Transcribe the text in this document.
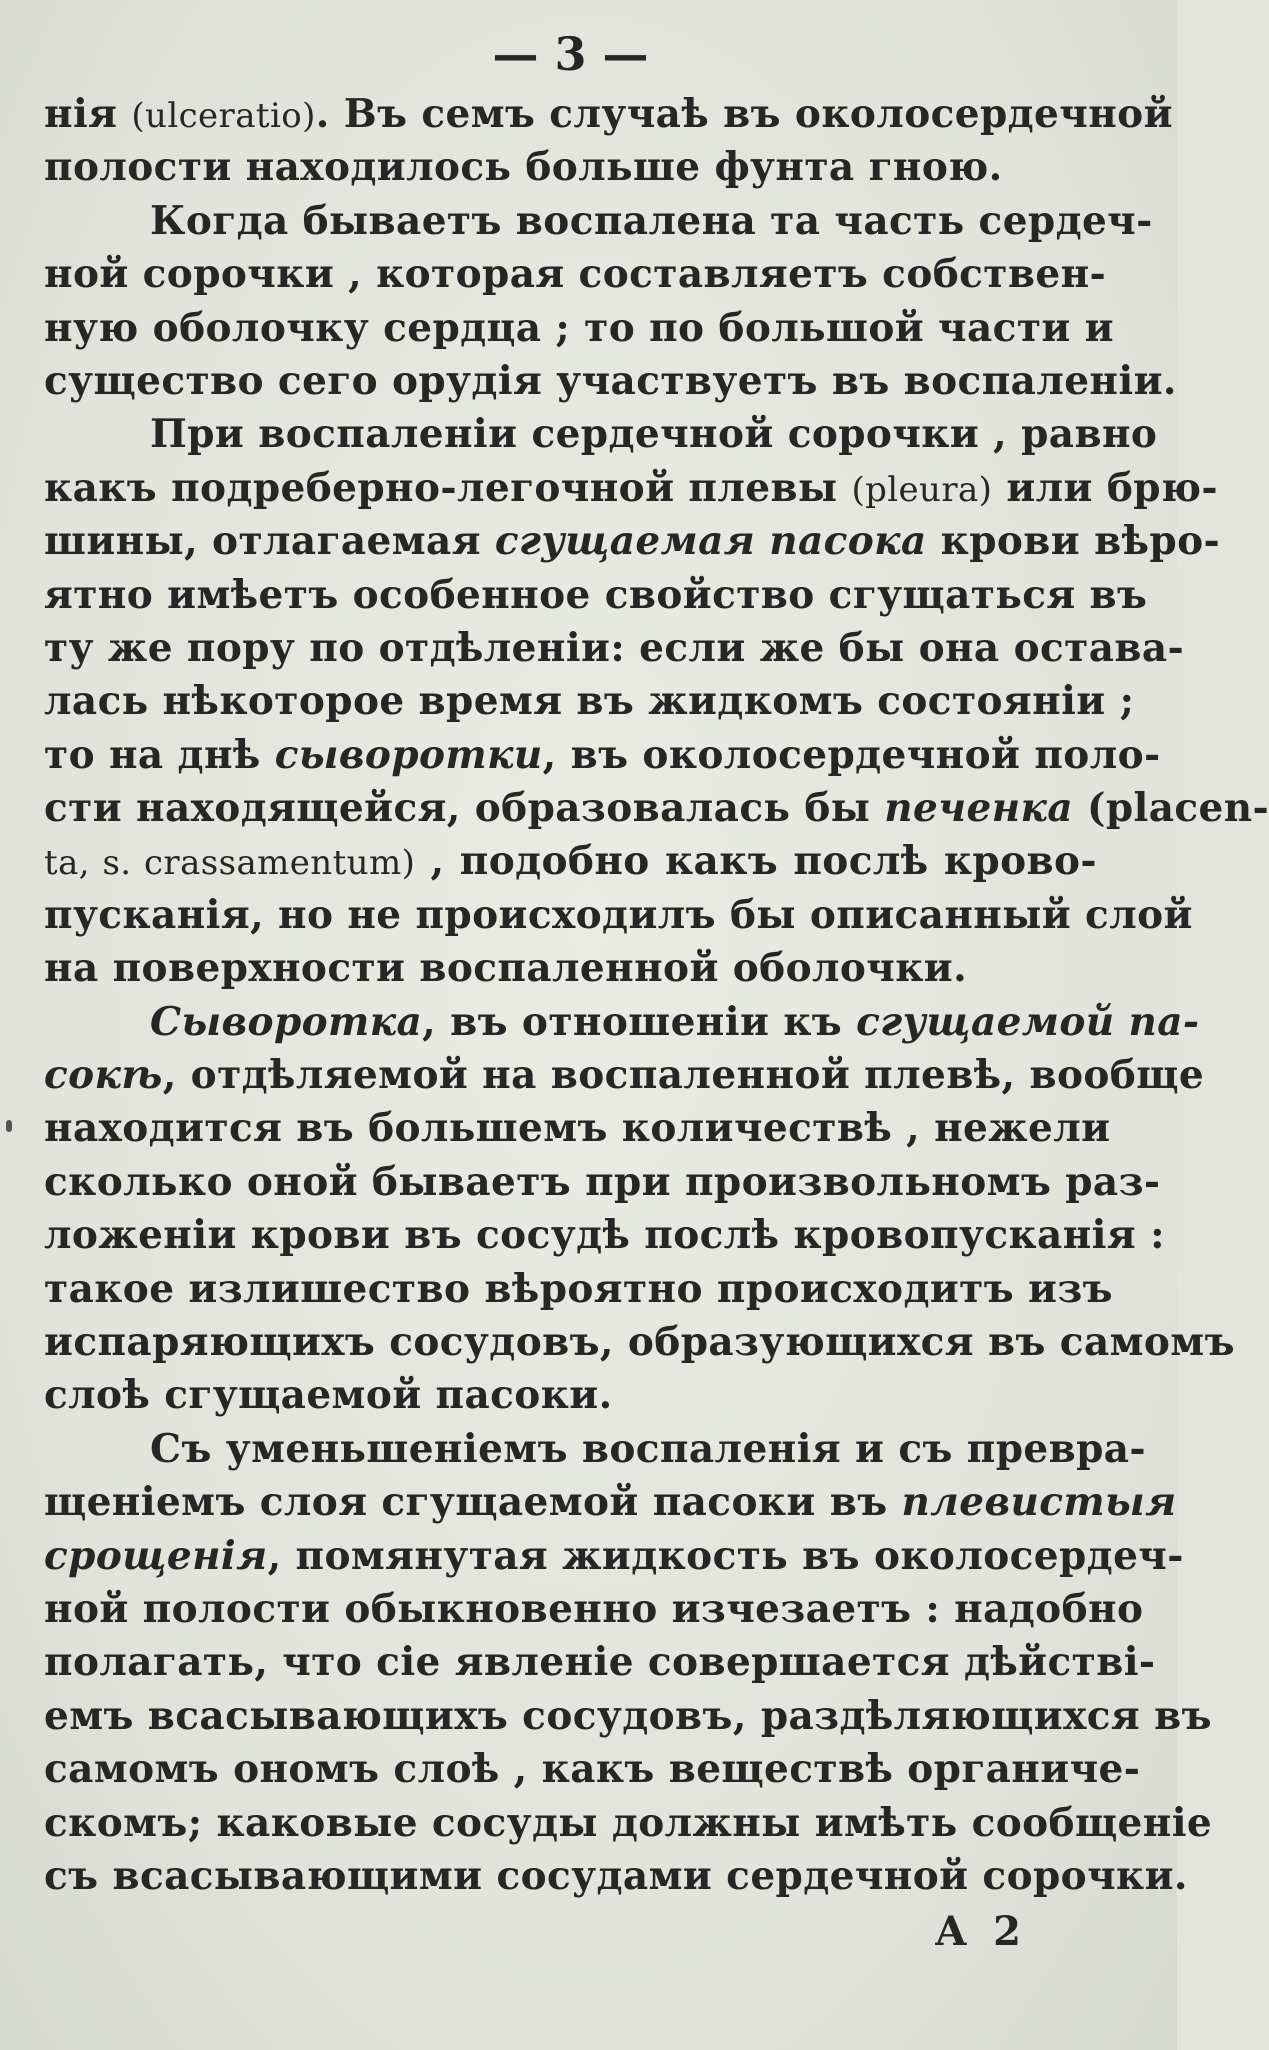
— 3 —
нія (ulceratio). Въ семъ случаѣ въ околосердечной
полости находилось больше фунта гною.
Когда бываетъ воспалена та часть сердеч-
ной сорочки , которая составляетъ собствен-
ную оболочку сердца ; то по большой части и
существо сего орудія участвуетъ въ воспаленіи.
При воспаленіи сердечной сорочки , равно
какъ подреберно-легочной плевы (pleura) или брю-
шины, отлагаемая сгущаемая пасока крови вѣро-
ятно имѣетъ особенное свойство сгущаться въ
ту же пору по отдѣленіи: если же бы она остава-
лась нѣкоторое время въ жидкомъ состояніи ;
то на днѣ сыворотки, въ околосердечной поло-
сти находящейся, образовалась бы печенка (placen-
ta, s. crassamentum) , подобно какъ послѣ крово-
пусканія, но не происходилъ бы описанный слой
на поверхности воспаленной оболочки.
Сыворотка, въ отношеніи къ сгущаемой па-
сокѣ, отдѣляемой на воспаленной плевѣ, вообще
находится въ большемъ количествѣ , нежели
сколько оной бываетъ при произвольномъ раз-
ложеніи крови въ сосудѣ послѣ кровопусканія :
такое излишество вѣроятно происходитъ изъ
испаряющихъ сосудовъ, образующихся въ самомъ
слоѣ сгущаемой пасоки.
Съ уменьшеніемъ воспаленія и съ превра-
щеніемъ слоя сгущаемой пасоки въ плевистыя
срощенія, помянутая жидкость въ околосердеч-
ной полости обыкновенно изчезаетъ : надобно
полагать, что сіе явленіе совершается дѣйстві-
емъ всасывающихъ сосудовъ, раздѣляющихся въ
самомъ ономъ слоѣ , какъ веществѣ органиче-
скомъ; каковые сосуды должны имѣть сообщеніе
съ всасывающими сосудами сердечной сорочки.
А 2
